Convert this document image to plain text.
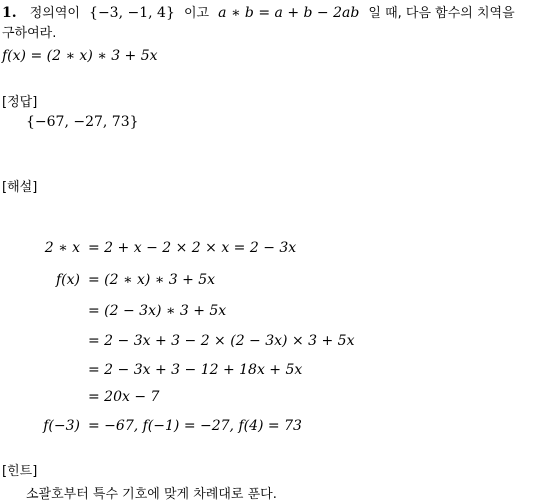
1. 정의역이 {−3, −1, 4} 이고 a ∗ b = a + b − 2ab 일 때, 다음 함수의 치역을
구하여라.
f(x) = (2 ∗ x) ∗ 3 + 5x
[정답]
{−67, −27, 73}
[해설]
2 ∗ x = 2 + x − 2 × 2 × x = 2 − 3x
f(x) = (2 ∗ x) ∗ 3 + 5x
= (2 − 3x) ∗ 3 + 5x
= 2 − 3x + 3 − 2 × (2 − 3x) × 3 + 5x
= 2 − 3x + 3 − 12 + 18x + 5x
= 20x − 7
f(−3) = −67, f(−1) = −27, f(4) = 73
[힌트]
소괄호부터 특수 기호에 맞게 차례대로 푼다.
